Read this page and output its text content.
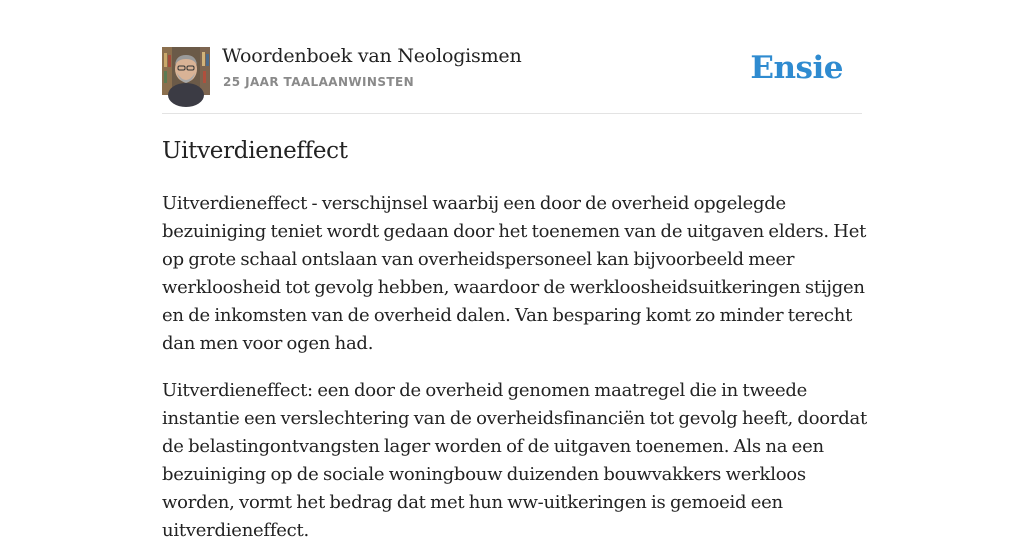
Woordenboek van Neologismen
25 JAAR TAALAANWINSTEN	Ensie
Uitverdieneffect

Uitverdieneffect - verschijnsel waarbij een door de overheid opgelegde bezuiniging teniet wordt gedaan door het toenemen van de uitgaven elders. Het op grote schaal ontslaan van overheidspersoneel kan bijvoorbeeld meer werkloosheid tot gevolg hebben, waardoor de werkloosheidsuitkeringen stijgen en de inkomsten van de overheid dalen. Van besparing komt zo minder terecht dan men voor ogen had.

Uitverdieneffect: een door de overheid genomen maatregel die in tweede instantie een verslechtering van de overheidsfinanciën tot gevolg heeft, doordat de belastingontvangsten lager worden of de uitgaven toenemen. Als na een bezuiniging op de sociale woningbouw duizenden bouwvakkers werkloos worden, vormt het bedrag dat met hun ww-uitkeringen is gemoeid een uitverdieneffect.
